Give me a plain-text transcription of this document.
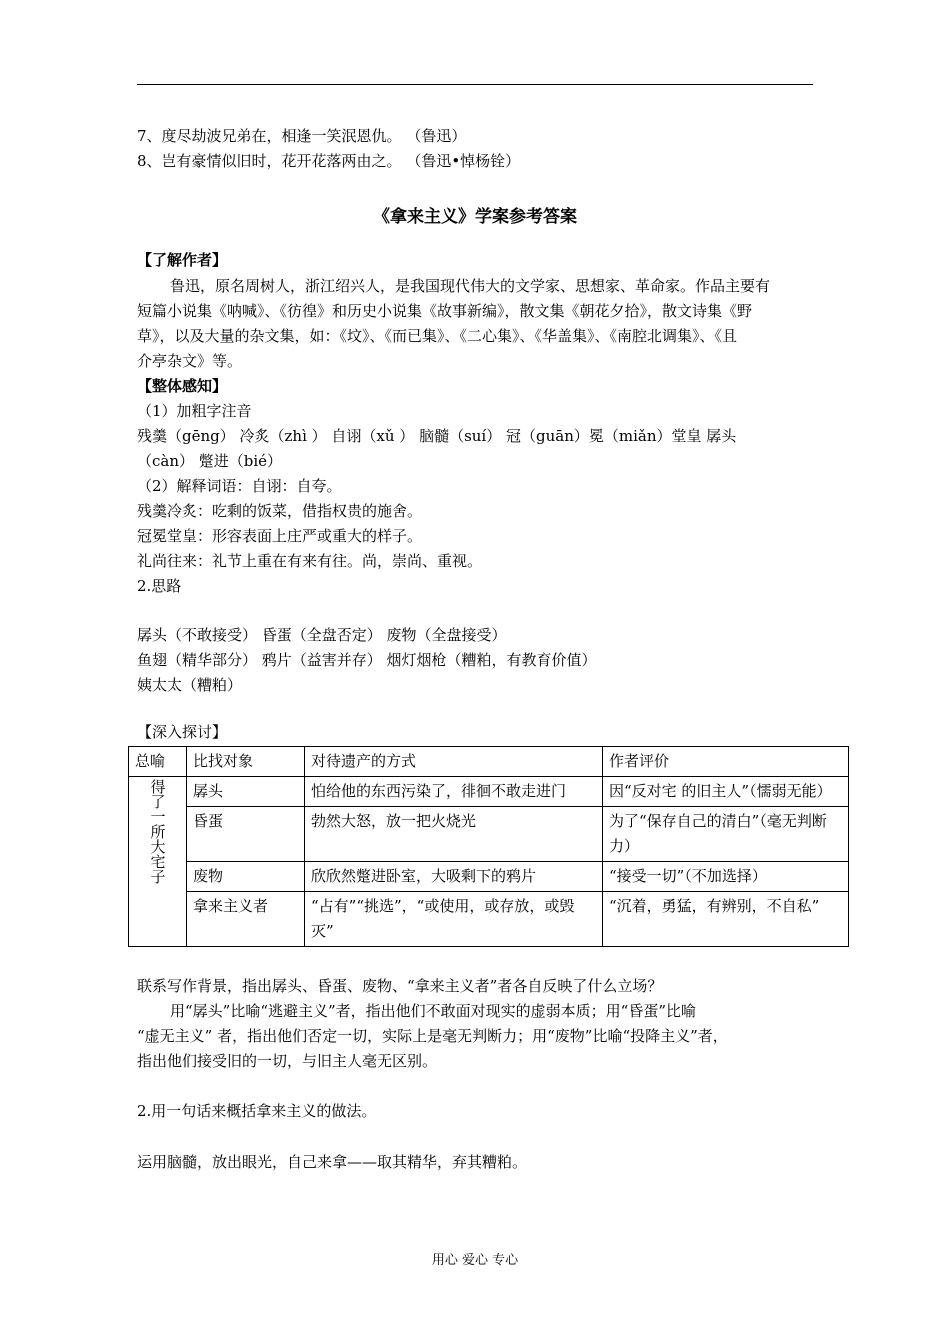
7、度尽劫波兄弟在，相逢一笑泯恩仇。 （鲁迅）
8、岂有豪情似旧时，花开花落两由之。 （鲁迅•悼杨铨）
《拿来主义》学案参考答案
【了解作者】
鲁迅，原名周树人，浙江绍兴人，是我国现代伟大的文学家、思想家、革命家。作品主要有
短篇小说集《呐喊》、《彷徨》和历史小说集《故事新编》，散文集《朝花夕拾》，散文诗集《野
草》，以及大量的杂文集，如：《坟》、《而已集》、《二心集》、《华盖集》、《南腔北调集》、《且
介亭杂文》等。
【整体感知】
（1）加粗字注音
残羹（gēng） 冷炙（zhì ） 自诩（xǔ ） 脑髓（suí） 冠（guān）冕（miǎn）堂皇 孱头
（càn） 蹩进（bié）
（2）解释词语：自诩：自夸。
残羹冷炙：吃剩的饭菜，借指权贵的施舍。
冠冕堂皇：形容表面上庄严或重大的样子。
礼尚往来：礼节上重在有来有往。尚，崇尚、重视。
2.思路
孱头（不敢接受） 昏蛋（全盘否定） 废物（全盘接受）
鱼翅（精华部分） 鸦片（益害并存） 烟灯烟枪（糟粕，有教育价值）
姨太太（糟粕）
【深入探讨】
总喻	比找对象	对待遗产的方式	作者评价
得了一所大宅子	孱头	怕给他的东西污染了，徘徊不敢走进门	因“反对宅 的旧主人”（懦弱无能）
	昏蛋	勃然大怒，放一把火烧光	为了“保存自己的清白”（毫无判断力）
	废物	欣欣然蹩进卧室，大吸剩下的鸦片	“接受一切”（不加选择）
	拿来主义者	“占有”“挑选”，“或使用，或存放，或毁灭”	“沉着，勇猛，有辨别，不自私”
联系写作背景，指出孱头、昏蛋、废物、“拿来主义者”者各自反映了什么立场？
用“孱头”比喻“逃避主义”者，指出他们不敢面对现实的虚弱本质；用“昏蛋”比喻
“虚无主义” 者，指出他们否定一切，实际上是毫无判断力；用“废物”比喻“投降主义”者，
指出他们接受旧的一切，与旧主人毫无区别。
2.用一句话来概括拿来主义的做法。
运用脑髓，放出眼光，自己来拿——取其精华，弃其糟粕。
用心 爱心 专心
